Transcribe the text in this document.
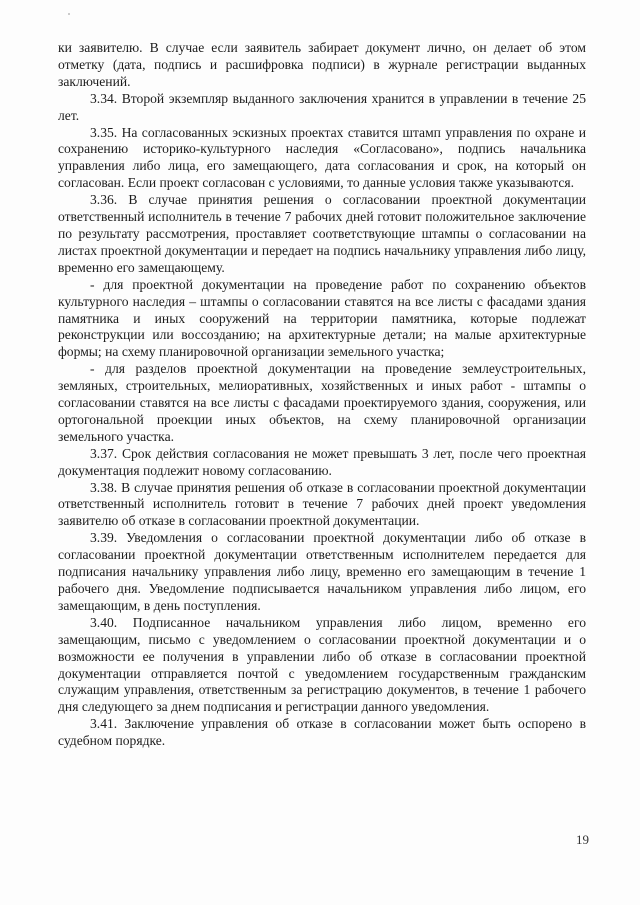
ки заявителю. В случае если заявитель забирает документ лично, он делает об этом отметку (дата, подпись и расшифровка подписи) в журнале регистрации выданных заключений.

3.34. Второй экземпляр выданного заключения хранится в управлении в течение 25 лет.

3.35. На согласованных эскизных проектах ставится штамп управления по охране и сохранению историко-культурного наследия «Согласовано», подпись начальника управления либо лица, его замещающего, дата согласования и срок, на который он согласован. Если проект согласован с условиями, то данные условия также указываются.

3.36. В случае принятия решения о согласовании проектной документации ответственный исполнитель в течение 7 рабочих дней готовит положительное заключение по результату рассмотрения, проставляет соответствующие штампы о согласовании на листах проектной документации и передает на подпись начальнику управления либо лицу, временно его замещающему.

- для проектной документации на проведение работ по сохранению объектов культурного наследия – штампы о согласовании ставятся на все листы с фасадами здания памятника и иных сооружений на территории памятника, которые подлежат реконструкции или воссозданию; на архитектурные детали; на малые архитектурные формы; на схему планировочной организации земельного участка;

- для разделов проектной документации на проведение землеустроительных, земляных, строительных, мелиоративных, хозяйственных и иных работ - штампы о согласовании ставятся на все листы с фасадами проектируемого здания, сооружения, или ортогональной проекции иных объектов, на схему планировочной организации земельного участка.

3.37. Срок действия согласования не может превышать 3 лет, после чего проектная документация подлежит новому согласованию.

3.38. В случае принятия решения об отказе в согласовании проектной документации ответственный исполнитель готовит в течение 7 рабочих дней проект уведомления заявителю об отказе в согласовании проектной документации.

3.39. Уведомления о согласовании проектной документации либо об отказе в согласовании проектной документации ответственным исполнителем передается для подписания начальнику управления либо лицу, временно его замещающим в течение 1 рабочего дня. Уведомление подписывается начальником управления либо лицом, его замещающим, в день поступления.

3.40. Подписанное начальником управления либо лицом, временно его замещающим, письмо с уведомлением о согласовании проектной документации и о возможности ее получения в управлении либо об отказе в согласовании проектной документации отправляется почтой с уведомлением государственным гражданским служащим управления, ответственным за регистрацию документов, в течение 1 рабочего дня следующего за днем подписания и регистрации данного уведомления.

3.41. Заключение управления об отказе в согласовании может быть оспорено в судебном порядке.

19
